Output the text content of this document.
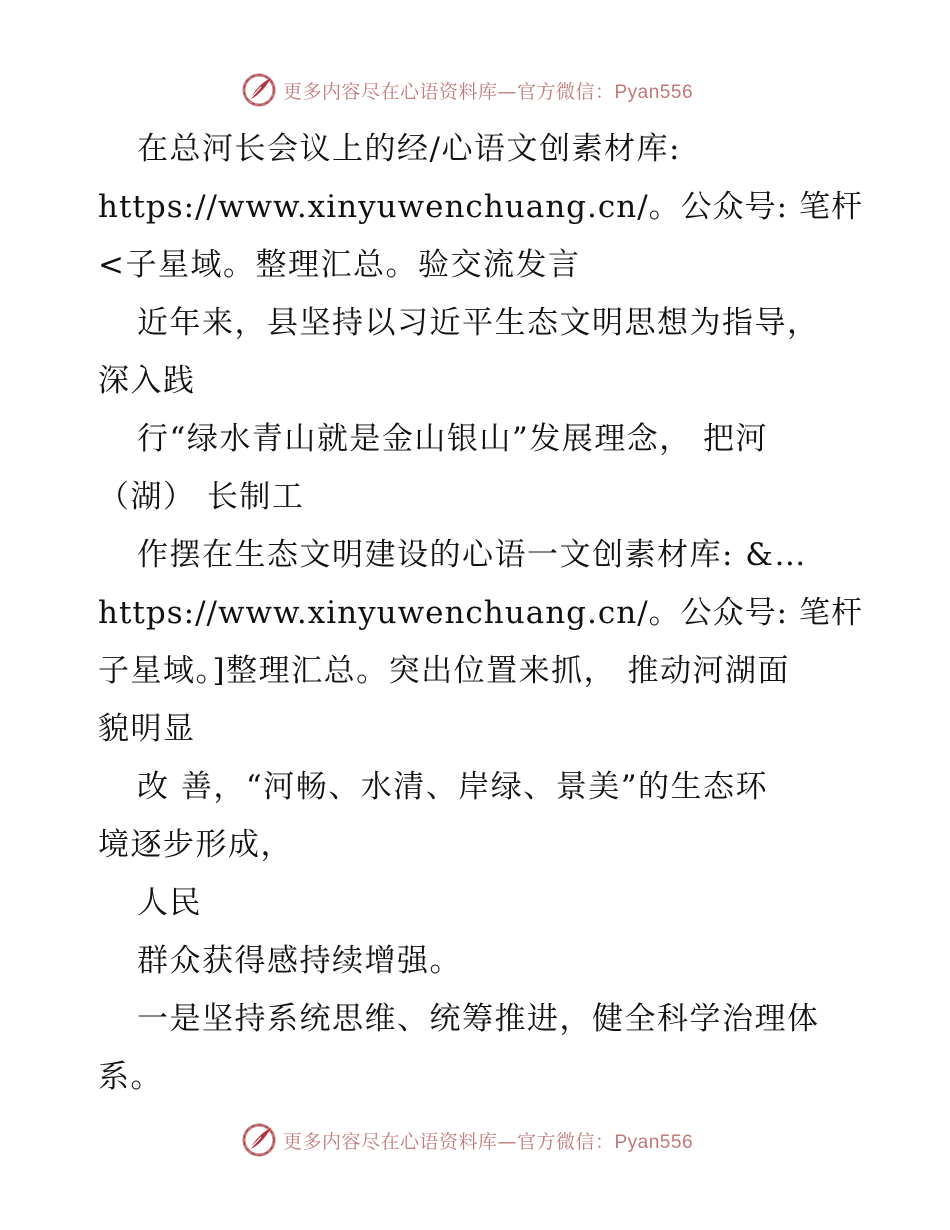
更多内容尽在心语资料库—官方微信：Pyan556
在总河长会议上的经/心语文创素材库:
https://www.xinyuwenchuang.cn/。公众号: 笔杆
<子星域。整理汇总。验交流发言
近年来，县坚持以习近平生态文明思想为指导，
深入践
行“绿水青山就是金山银山”发展理念， 把河
（湖） 长制工
作摆在生态文明建设的心语一文创素材库: &…
https://www.xinyuwenchuang.cn/。公众号: 笔杆
子星域。]整理汇总。突出位置来抓， 推动河湖面
貌明显
改 善，“河畅、水清、岸绿、景美”的生态环
境逐步形成，
人民
群众获得感持续增强。
一是坚持系统思维、统筹推进，健全科学治理体
系。
更多内容尽在心语资料库—官方微信：Pyan556
